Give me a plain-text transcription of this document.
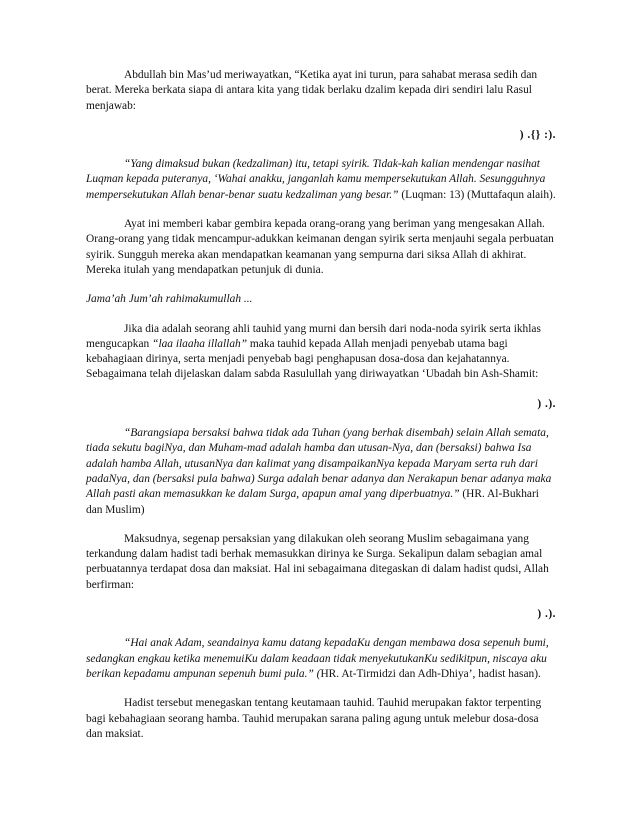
Abdullah bin Mas’ud meriwayatkan, “Ketika ayat ini turun, para sahabat merasa sedih dan berat. Mereka berkata siapa di antara kita yang tidak berlaku dzalim kepada diri sendiri lalu Rasul menjawab:

) .{} :).

“Yang dimaksud bukan (kedzaliman) itu, tetapi syirik. Tidak-kah kalian mendengar nasihat Luqman kepada puteranya, ‘Wahai anakku, janganlah kamu mempersekutukan Allah. Sesungguhnya mempersekutukan Allah benar-benar suatu kedzaliman yang besar.” (Luqman: 13) (Muttafaqun alaih).

Ayat ini memberi kabar gembira kepada orang-orang yang beriman yang mengesakan Allah. Orang-orang yang tidak mencampur-adukkan keimanan dengan syirik serta menjauhi segala perbuatan syirik. Sungguh mereka akan mendapatkan keamanan yang sempurna dari siksa Allah di akhirat. Mereka itulah yang mendapatkan petunjuk di dunia.

Jama’ah Jum’ah rahimakumullah ...

Jika dia adalah seorang ahli tauhid yang murni dan bersih dari noda-noda syirik serta ikhlas mengucapkan “laa ilaaha illallah” maka tauhid kepada Allah menjadi penyebab utama bagi kebahagiaan dirinya, serta menjadi penyebab bagi penghapusan dosa-dosa dan kejahatannya. Sebagaimana telah dijelaskan dalam sabda Rasulullah yang diriwayatkan ‘Ubadah bin Ash-Shamit:

) .).

“Barangsiapa bersaksi bahwa tidak ada Tuhan (yang berhak disembah) selain Allah semata, tiada sekutu bagiNya, dan Muham-mad adalah hamba dan utusan-Nya, dan (bersaksi) bahwa Isa adalah hamba Allah, utusanNya dan kalimat yang disampaikanNya kepada Maryam serta ruh dari padaNya, dan (bersaksi pula bahwa) Surga adalah benar adanya dan Nerakapun benar adanya maka Allah pasti akan memasukkan ke dalam Surga, apapun amal yang diperbuatnya.” (HR. Al-Bukhari dan Muslim)

Maksudnya, segenap persaksian yang dilakukan oleh seorang Muslim sebagaimana yang terkandung dalam hadist tadi berhak memasukkan dirinya ke Surga. Sekalipun dalam sebagian amal perbuatannya terdapat dosa dan maksiat. Hal ini sebagaimana ditegaskan di dalam hadist qudsi, Allah berfirman:

) .).

“Hai anak Adam, seandainya kamu datang kepadaKu dengan membawa dosa sepenuh bumi, sedangkan engkau ketika menemuiKu dalam keadaan tidak menyekutukanKu sedikitpun, niscaya aku berikan kepadamu ampunan sepenuh bumi pula.” (HR. At-Tirmidzi dan Adh-Dhiya’, hadist hasan).

Hadist tersebut menegaskan tentang keutamaan tauhid. Tauhid merupakan faktor terpenting bagi kebahagiaan seorang hamba. Tauhid merupakan sarana paling agung untuk melebur dosa-dosa dan maksiat.
